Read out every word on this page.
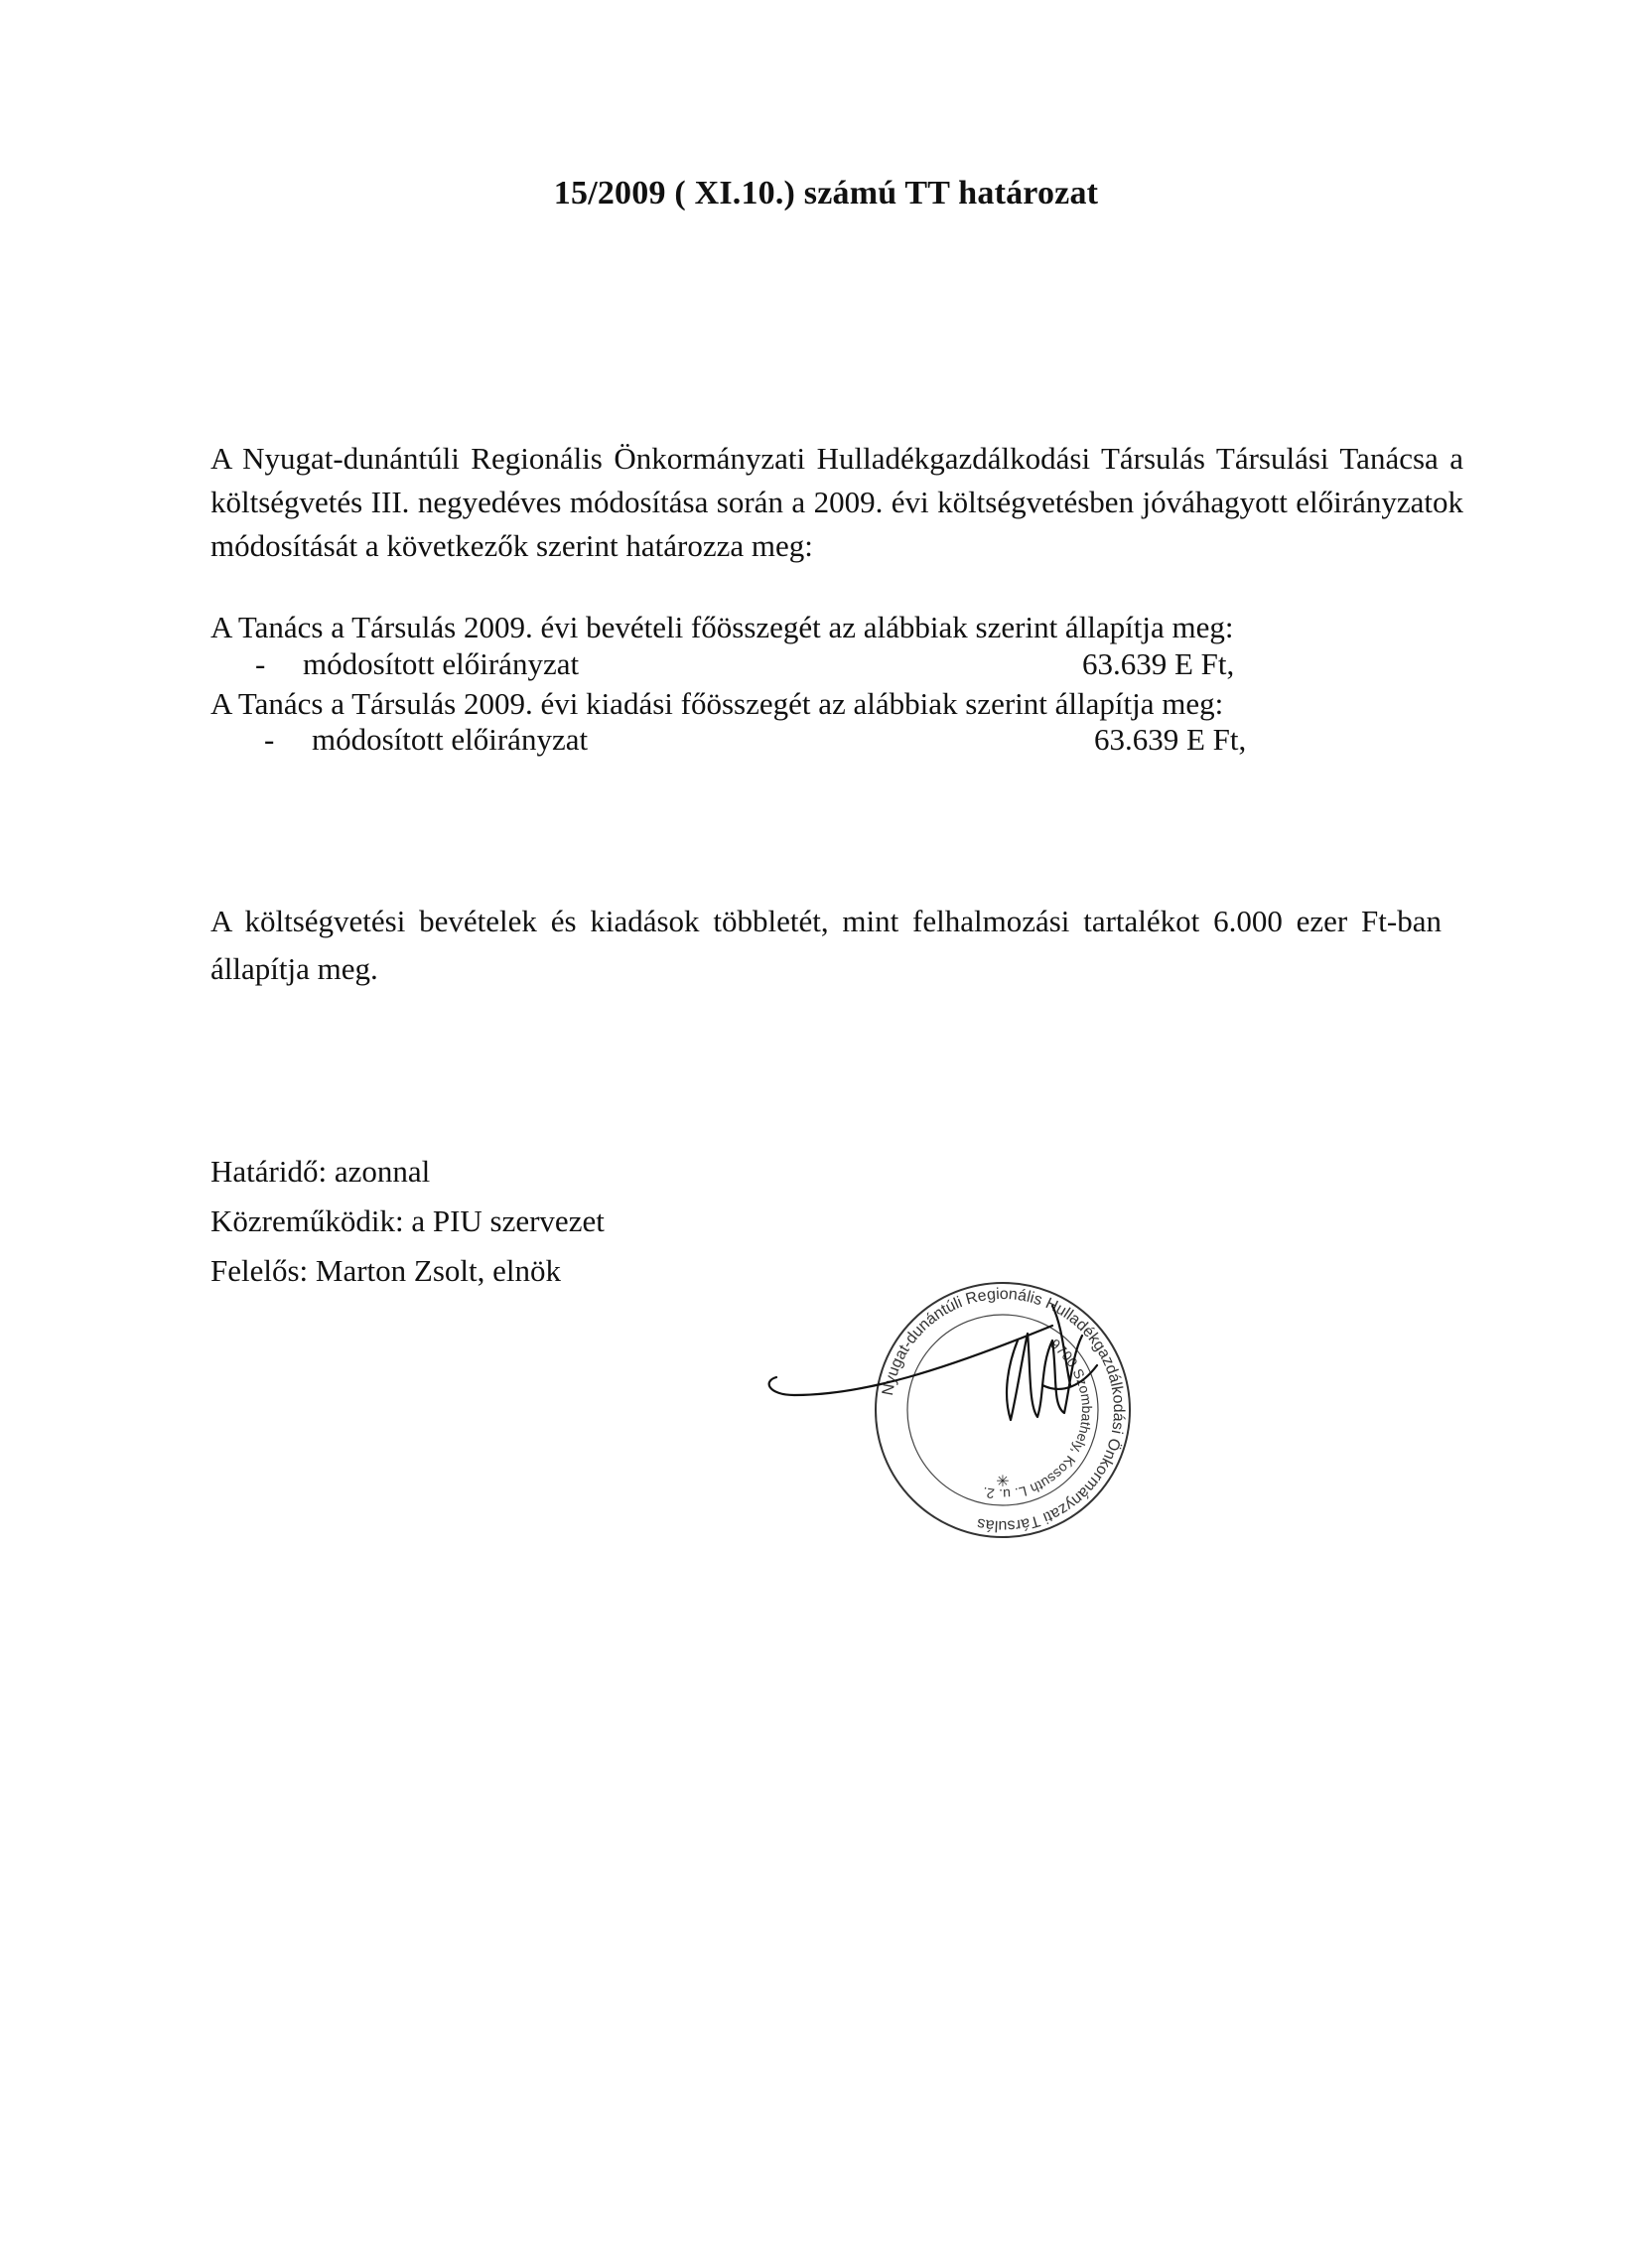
15/2009 ( XI.10.) számú TT határozat

A Nyugat-dunántúli Regionális Önkormányzati Hulladékgazdálkodási Társulás Társulási Tanácsa a költségvetés III. negyedéves módosítása során a 2009. évi költségvetésben jóváhagyott előirányzatok módosítását a következők szerint határozza meg:

A Tanács a Társulás 2009. évi bevételi főösszegét az alábbiak szerint állapítja meg:
- módosított előirányzat	63.639 E Ft,
A Tanács a Társulás 2009. évi kiadási főösszegét az alábbiak szerint állapítja meg:
- módosított előirányzat	63.639 E Ft,

A költségvetési bevételek és kiadások többletét, mint felhalmozási tartalékot 6.000 ezer Ft-ban állapítja meg.

Határidő: azonnal
Közreműködik: a PIU szervezet
Felelős: Marton Zsolt, elnök
Nyugat-dunántúli Regionális Hulladékgazdálkodási Önkormányzati Társulás
9700 Szombathely, Kossuth L. u. 2.
✳
